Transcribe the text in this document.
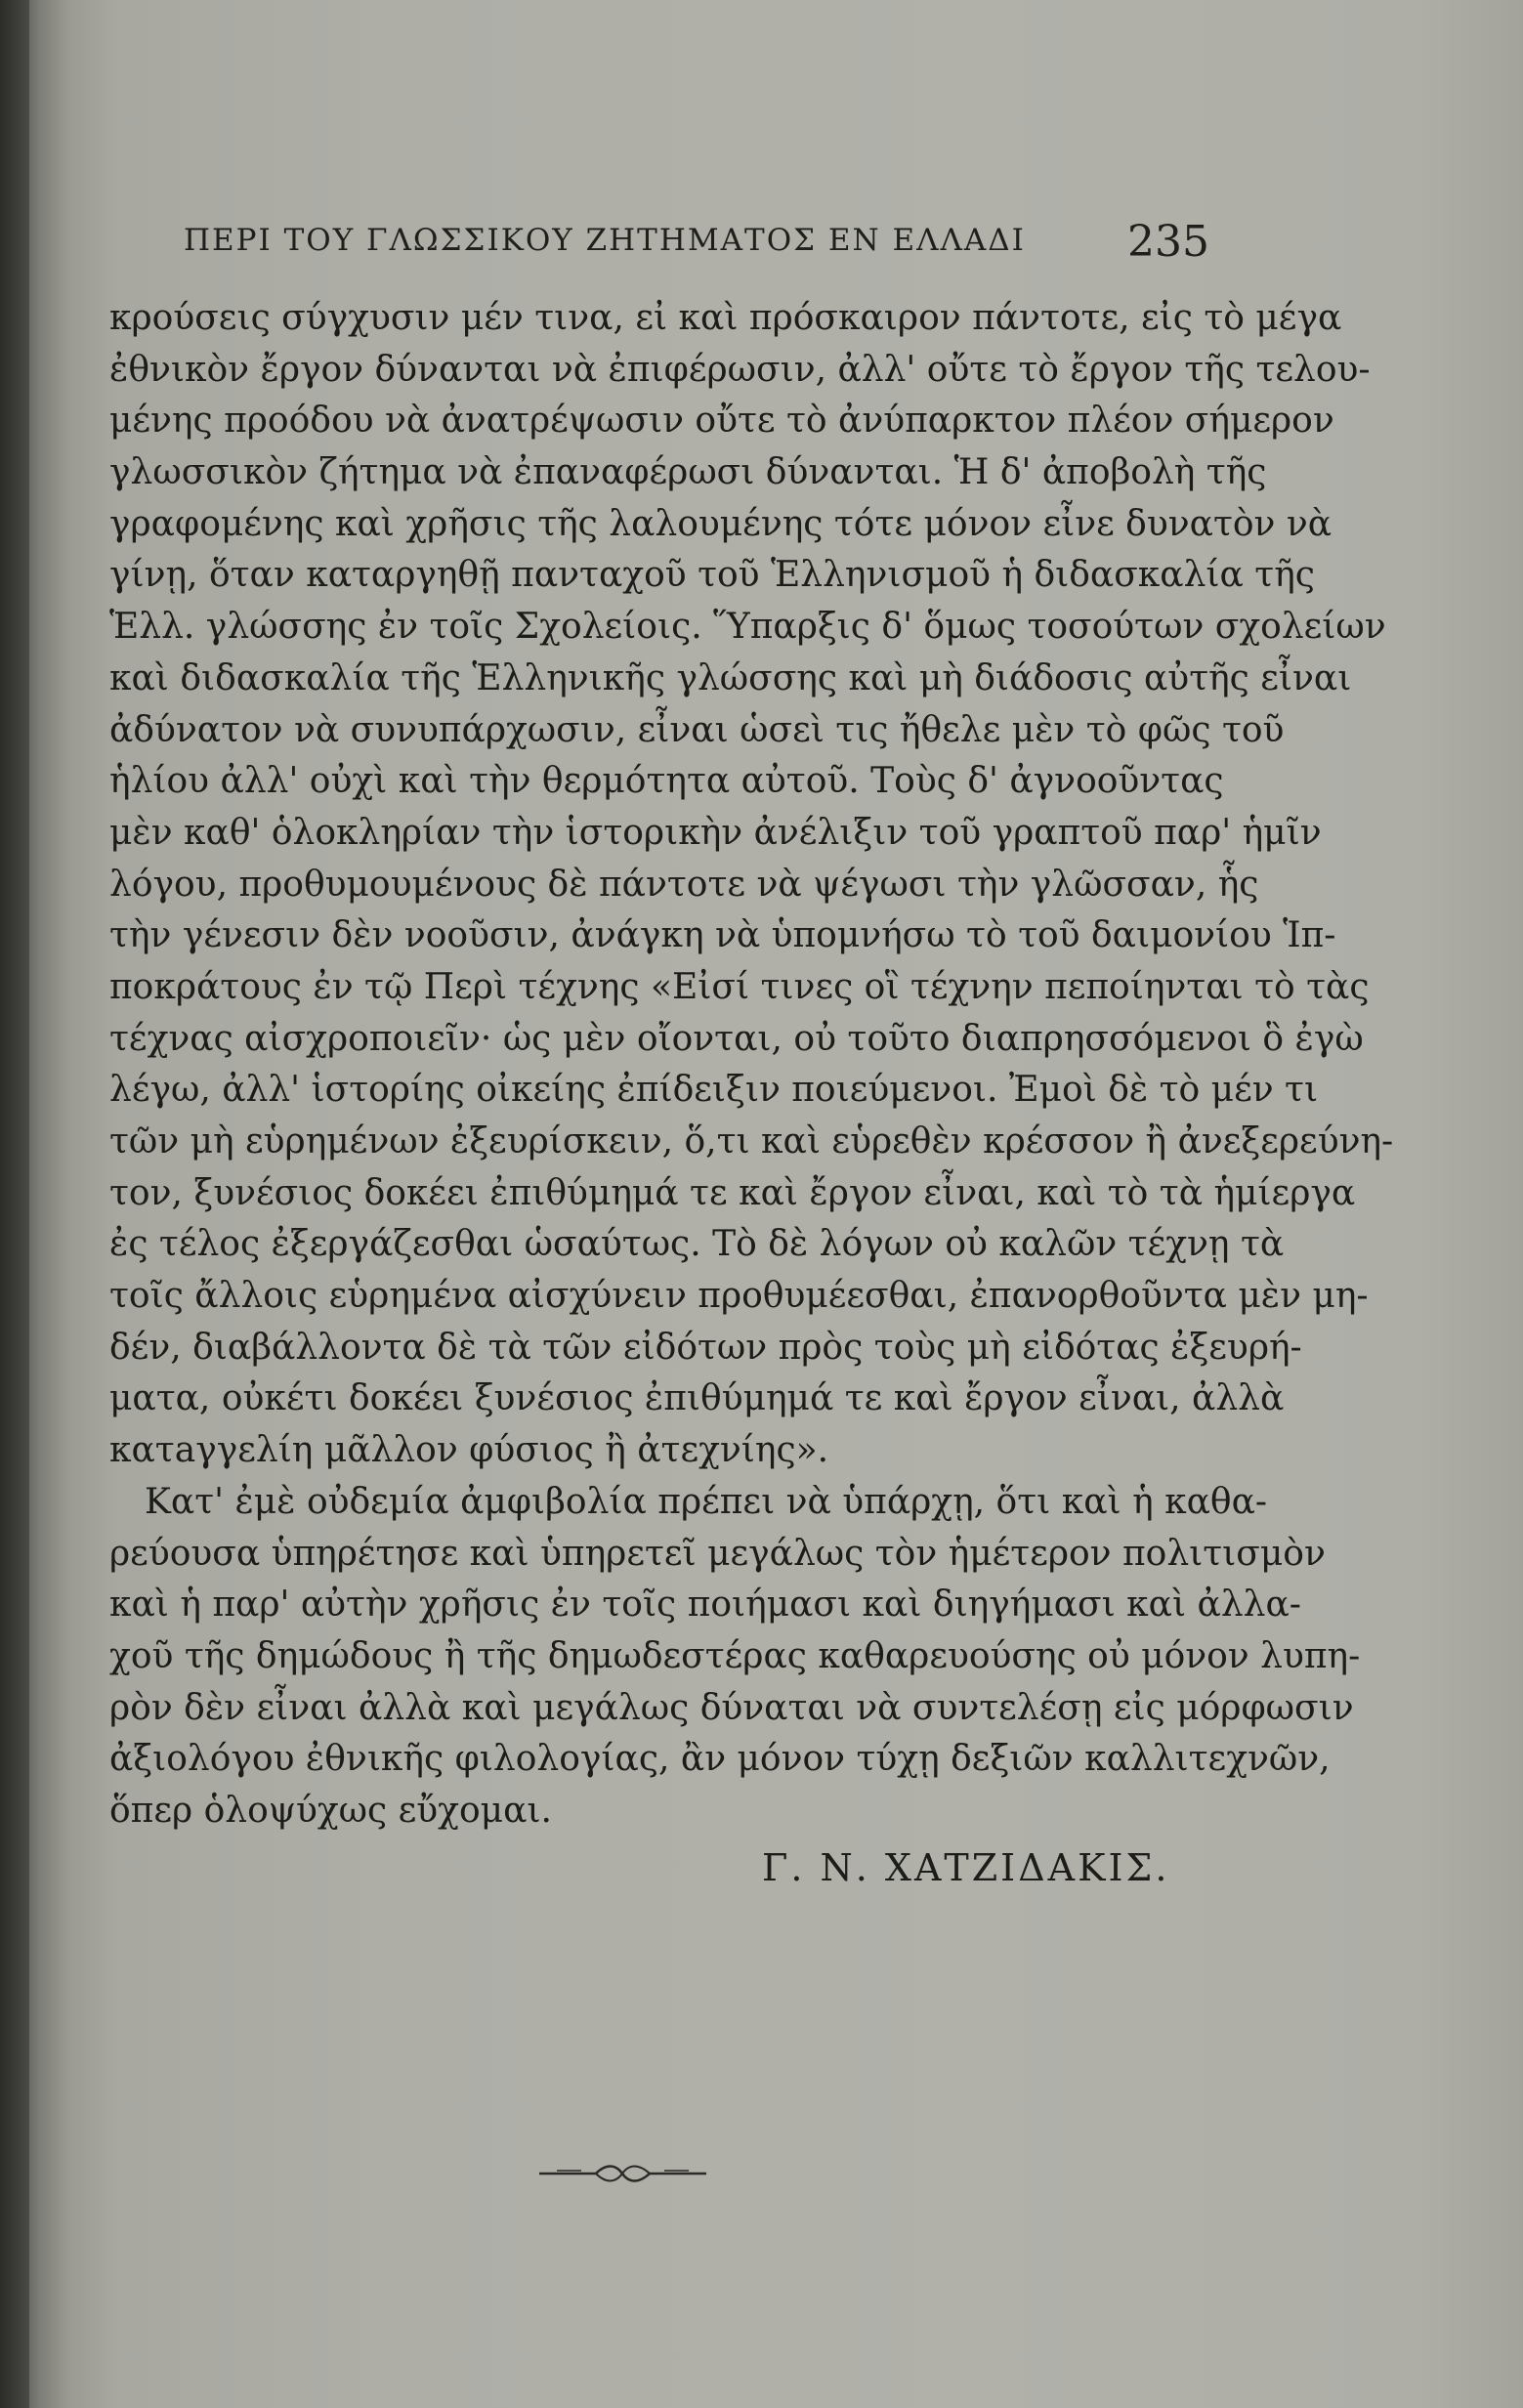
ΠΕΡΙ ΤΟΥ ΓΛΩΣΣΙΚΟΥ ΖΗΤΗΜΑΤΟΣ ΕΝ ΕΛΛΑΔΙ 235
κρούσεις σύγχυσιν μέν τινα, εἰ καὶ πρόσκαιρον πάντοτε, εἰς τὸ μέγα
ἐθνικὸν ἔργον δύνανται νὰ ἐπιφέρωσιν, ἀλλ' οὔτε τὸ ἔργον τῆς τελου-
μένης προόδου νὰ ἀνατρέψωσιν οὔτε τὸ ἀνύπαρκτον πλέον σήμερον
γλωσσικὸν ζήτημα νὰ ἐπαναφέρωσι δύνανται. Ἡ δ' ἀποβολὴ τῆς
γραφομένης καὶ χρῆσις τῆς λαλουμένης τότε μόνον εἶνε δυνατὸν νὰ
γίνῃ, ὅταν καταργηθῇ πανταχοῦ τοῦ Ἑλληνισμοῦ ἡ διδασκαλία τῆς
Ἑλλ. γλώσσης ἐν τοῖς Σχολείοις. Ὕπαρξις δ' ὅμως τοσούτων σχολείων
καὶ διδασκαλία τῆς Ἑλληνικῆς γλώσσης καὶ μὴ διάδοσις αὐτῆς εἶναι
ἀδύνατον νὰ συνυπάρχωσιν, εἶναι ὡσεὶ τις ἤθελε μὲν τὸ φῶς τοῦ
ἡλίου ἀλλ' οὐχὶ καὶ τὴν θερμότητα αὐτοῦ. Τοὺς δ' ἀγνοοῦντας
μὲν καθ' ὁλοκληρίαν τὴν ἱστορικὴν ἀνέλιξιν τοῦ γραπτοῦ παρ' ἡμῖν
λόγου, προθυμουμένους δὲ πάντοτε νὰ ψέγωσι τὴν γλῶσσαν, ἧς
τὴν γένεσιν δὲν νοοῦσιν, ἀνάγκη νὰ ὑπομνήσω τὸ τοῦ δαιμονίου Ἱπ-
ποκράτους ἐν τῷ Περὶ τέχνης «Εἰσί τινες οἳ τέχνην πεποίηνται τὸ τὰς
τέχνας αἰσχροποιεῖν· ὡς μὲν οἴονται, οὐ τοῦτο διαπρησσόμενοι ὃ ἐγὼ
λέγω, ἀλλ' ἱστορίης οἰκείης ἐπίδειξιν ποιεύμενοι. Ἐμοὶ δὲ τὸ μέν τι
τῶν μὴ εὑρημένων ἐξευρίσκειν, ὅ,τι καὶ εὑρεθὲν κρέσσον ἢ ἀνεξερεύνη-
τον, ξυνέσιος δοκέει ἐπιθύμημά τε καὶ ἔργον εἶναι, καὶ τὸ τὰ ἡμίεργα
ἐς τέλος ἐξεργάζεσθαι ὡσαύτως. Τὸ δὲ λόγων οὐ καλῶν τέχνῃ τὰ
τοῖς ἄλλοις εὑρημένα αἰσχύνειν προθυμέεσθαι, ἐπανορθοῦντα μὲν μη-
δέν, διαβάλλοντα δὲ τὰ τῶν εἰδότων πρὸς τοὺς μὴ εἰδότας ἐξευρή-
ματα, οὐκέτι δοκέει ξυνέσιος ἐπιθύμημά τε καὶ ἔργον εἶναι, ἀλλὰ
κατaγγελίη μᾶλλον φύσιος ἢ ἀτεχνίης».
Κατ' ἐμὲ οὐδεμία ἀμφιβολία πρέπει νὰ ὑπάρχῃ, ὅτι καὶ ἡ καθα-
ρεύουσα ὑπηρέτησε καὶ ὑπηρετεῖ μεγάλως τὸν ἡμέτερον πολιτισμὸν
καὶ ἡ παρ' αὐτὴν χρῆσις ἐν τοῖς ποιήμασι καὶ διηγήμασι καὶ ἀλλα-
χοῦ τῆς δημώδους ἢ τῆς δημωδεστέρας καθαρευούσης οὐ μόνον λυπη-
ρὸν δὲν εἶναι ἀλλὰ καὶ μεγάλως δύναται νὰ συντελέσῃ εἰς μόρφωσιν
ἀξιολόγου ἐθνικῆς φιλολογίας, ἂν μόνον τύχῃ δεξιῶν καλλιτεχνῶν,
ὅπερ ὁλοψύχως εὔχομαι.
Γ. Ν. ΧΑΤΖΙΔΑΚΙΣ.
